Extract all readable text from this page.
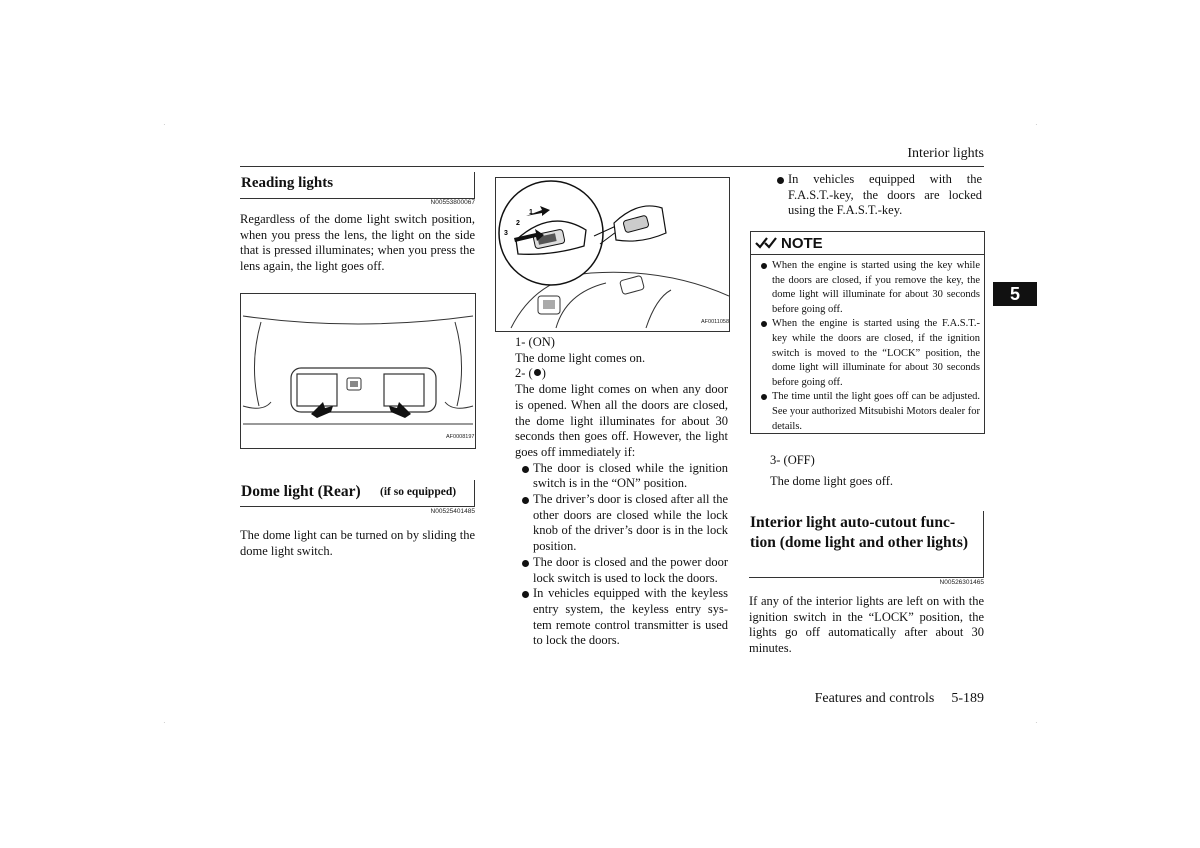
·	·
·	·
Interior lights
5
Reading lights
N00553800067
Regardless of the dome light switch position, when you press the lens, the light on the side that is pressed illuminates; when you press the lens again, the light goes off.
AF0008197
Dome light (Rear) (if so equipped)
N00525401485
The dome light can be turned on by sliding the dome light switch.
1
2
3
AF0011058
1- (ON)
The dome light comes on.
2- ( )
The dome light comes on when any door is opened. When all the doors are closed, the dome light illuminates for about 30 seconds then goes off. However, the light goes off immediately if:
The door is closed while the ignition switch is in the “ON” position.
The driver’s door is closed after all the other doors are closed while the lock knob of the driver’s door is in the lock position.
The door is closed and the power door lock switch is used to lock the doors.
In vehicles equipped with the keyless entry system, the keyless entry sys-tem remote control transmitter is used to lock the doors.
In vehicles equipped with the F.A.S.T.-key, the doors are locked using the F.A.S.T.-key.
NOTE
When the engine is started using the key while the doors are closed, if you remove the key, the dome light will illuminate for about 30 seconds before going off.
When the engine is started using the F.A.S.T.-key while the doors are closed, if the ignition switch is moved to the “LOCK” position, the dome light will illuminate for about 30 seconds before going off.
The time until the light goes off can be adjusted. See your authorized Mitsubishi Motors dealer for details.
3- (OFF)
The dome light goes off.
Interior light auto-cutout func-tion (dome light and other lights)
N00526301465
If any of the interior lights are left on with the ignition switch in the “LOCK” position, the lights go off automatically after about 30 minutes.
Features and controls 5-189
